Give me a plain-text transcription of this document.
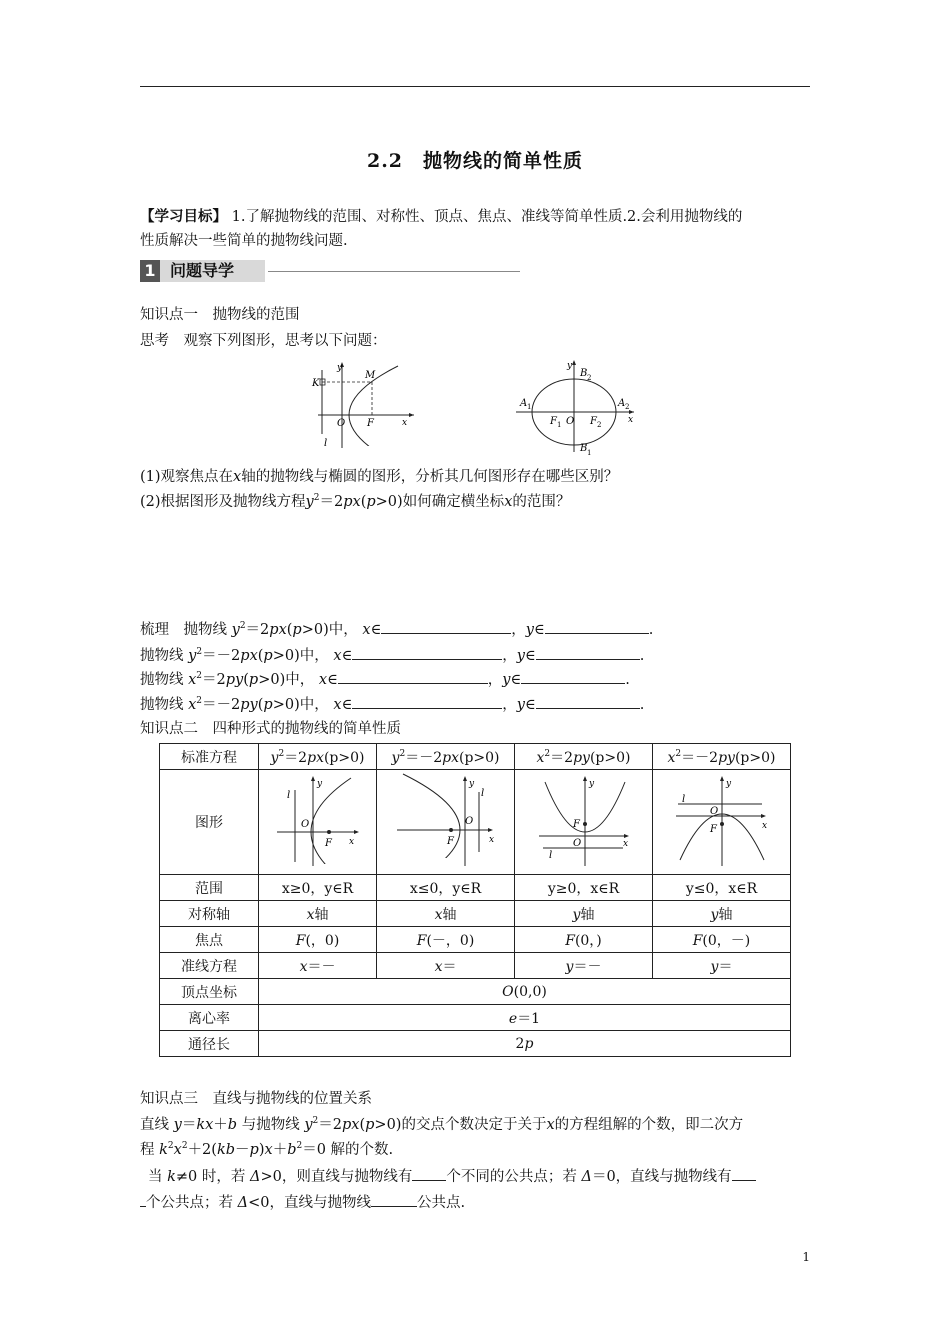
2.2　抛物线的简单性质
【学习目标】 1.了解抛物线的范围、对称性、顶点、焦点、准线等简单性质.2.会利用抛物线的
性质解决一些简单的抛物线问题.
1 问题导学
知识点一　抛物线的范围
思考　观察下列图形，思考以下问题：
K
M
y
x
O F
l
y
B 2
B 1
A 1	A 2
F 1 O F 2	x
(1)观察焦点在x轴的抛物线与椭圆的图形，分析其几何图形存在哪些区别？
(2)根据图形及抛物线方程$y^2=2px(p>0)$如何确定横坐标x的范围？
梳理　抛物线 $y^2=2px(p>0)$中， x∈	，y∈	.
抛物线 $y^2=-2px(p>0)$中， x∈	，y∈	.
抛物线 $x^2=2py(p>0)$中， x∈	，y∈	.
抛物线 $x^2=-2py(p>0)$中， x∈	，y∈	.
知识点二　四种形式的抛物线的简单性质
标准方程	$y^2=2px(p>0)$	$y^2=-2px(p>0)$	$x^2=2py(p>0)$	$x^2=-2py(p>0)$
图形	l
y
x
O
F	l
y
x
O
F	l
y
x
O
F	l
y
x
O
F

范围	x≥0，y∈R	x≤0，y∈R	y≥0，x∈R	y≤0，x∈R
对称轴	x轴	x轴	y轴	y轴
焦点	F(，0)	F(－，0)	F(0，)	F(0，－)
准线方程	x＝－	x＝	y＝－	y＝
顶点坐标	O(0,0)			
离心率	e＝1			
通径长	2p			
知识点三　直线与抛物线的位置关系
直线 y＝kx＋b 与抛物线 $y^2=2px(p>0)$的交点个数决定于关于x的方程组解的个数，即二次方
程 $k^2x^2+2(kb-p)x+b^2=0$ 解的个数.
当 k≠0 时，若 Δ>0，则直线与抛物线有 个不同的公共点；若 Δ＝0，直线与抛物线有
个公共点；若 Δ<0，直线与抛物线	公共点.
1
